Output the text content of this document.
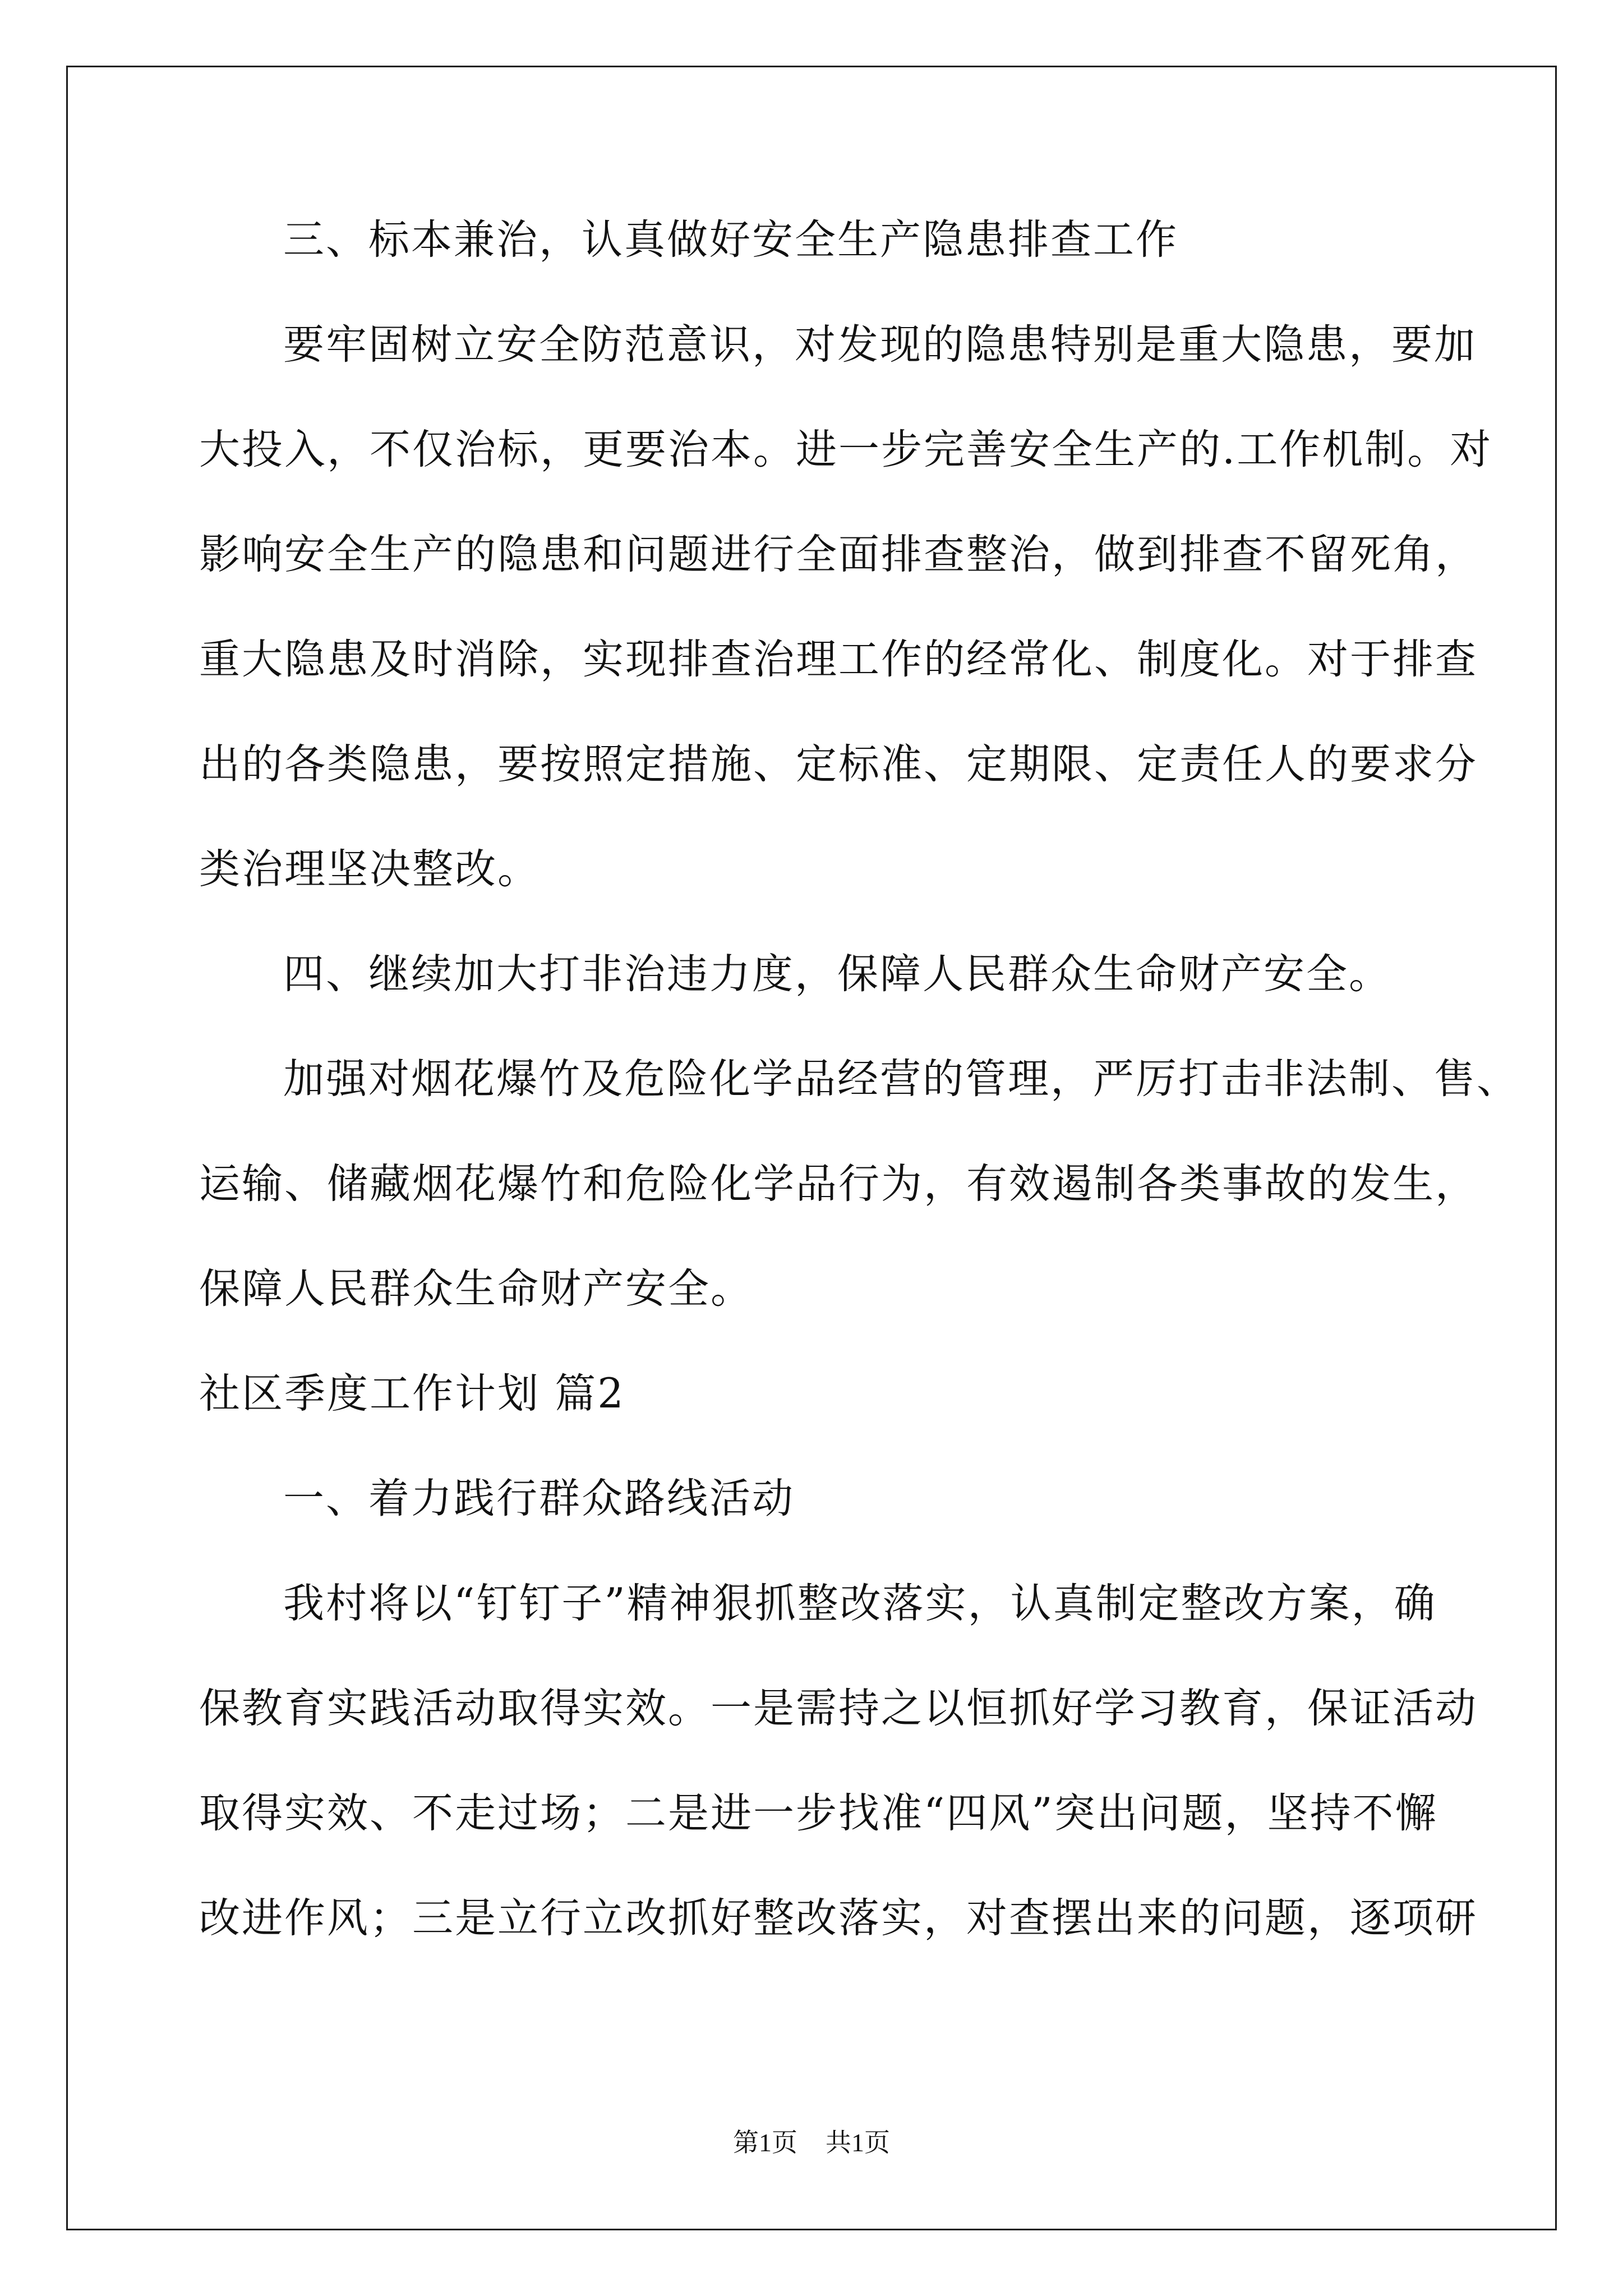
三、标本兼治，认真做好安全生产隐患排查工作
要牢固树立安全防范意识，对发现的隐患特别是重大隐患，要加
大投入，不仅治标，更要治本。进一步完善安全生产的.工作机制。对
影响安全生产的隐患和问题进行全面排查整治，做到排查不留死角，
重大隐患及时消除，实现排查治理工作的经常化、制度化。对于排查
出的各类隐患，要按照定措施、定标准、定期限、定责任人的要求分
类治理坚决整改。
四、继续加大打非治违力度，保障人民群众生命财产安全。
加强对烟花爆竹及危险化学品经营的管理，严厉打击非法制、售、
运输、储藏烟花爆竹和危险化学品行为，有效遏制各类事故的发生，
保障人民群众生命财产安全。
社区季度工作计划 篇2
一、着力践行群众路线活动
我村将以“钉钉子”精神狠抓整改落实，认真制定整改方案，确
保教育实践活动取得实效。一是需持之以恒抓好学习教育，保证活动
取得实效、不走过场；二是进一步找准“四风”突出问题，坚持不懈
改进作风；三是立行立改抓好整改落实，对查摆出来的问题，逐项研
第1页 共1页
